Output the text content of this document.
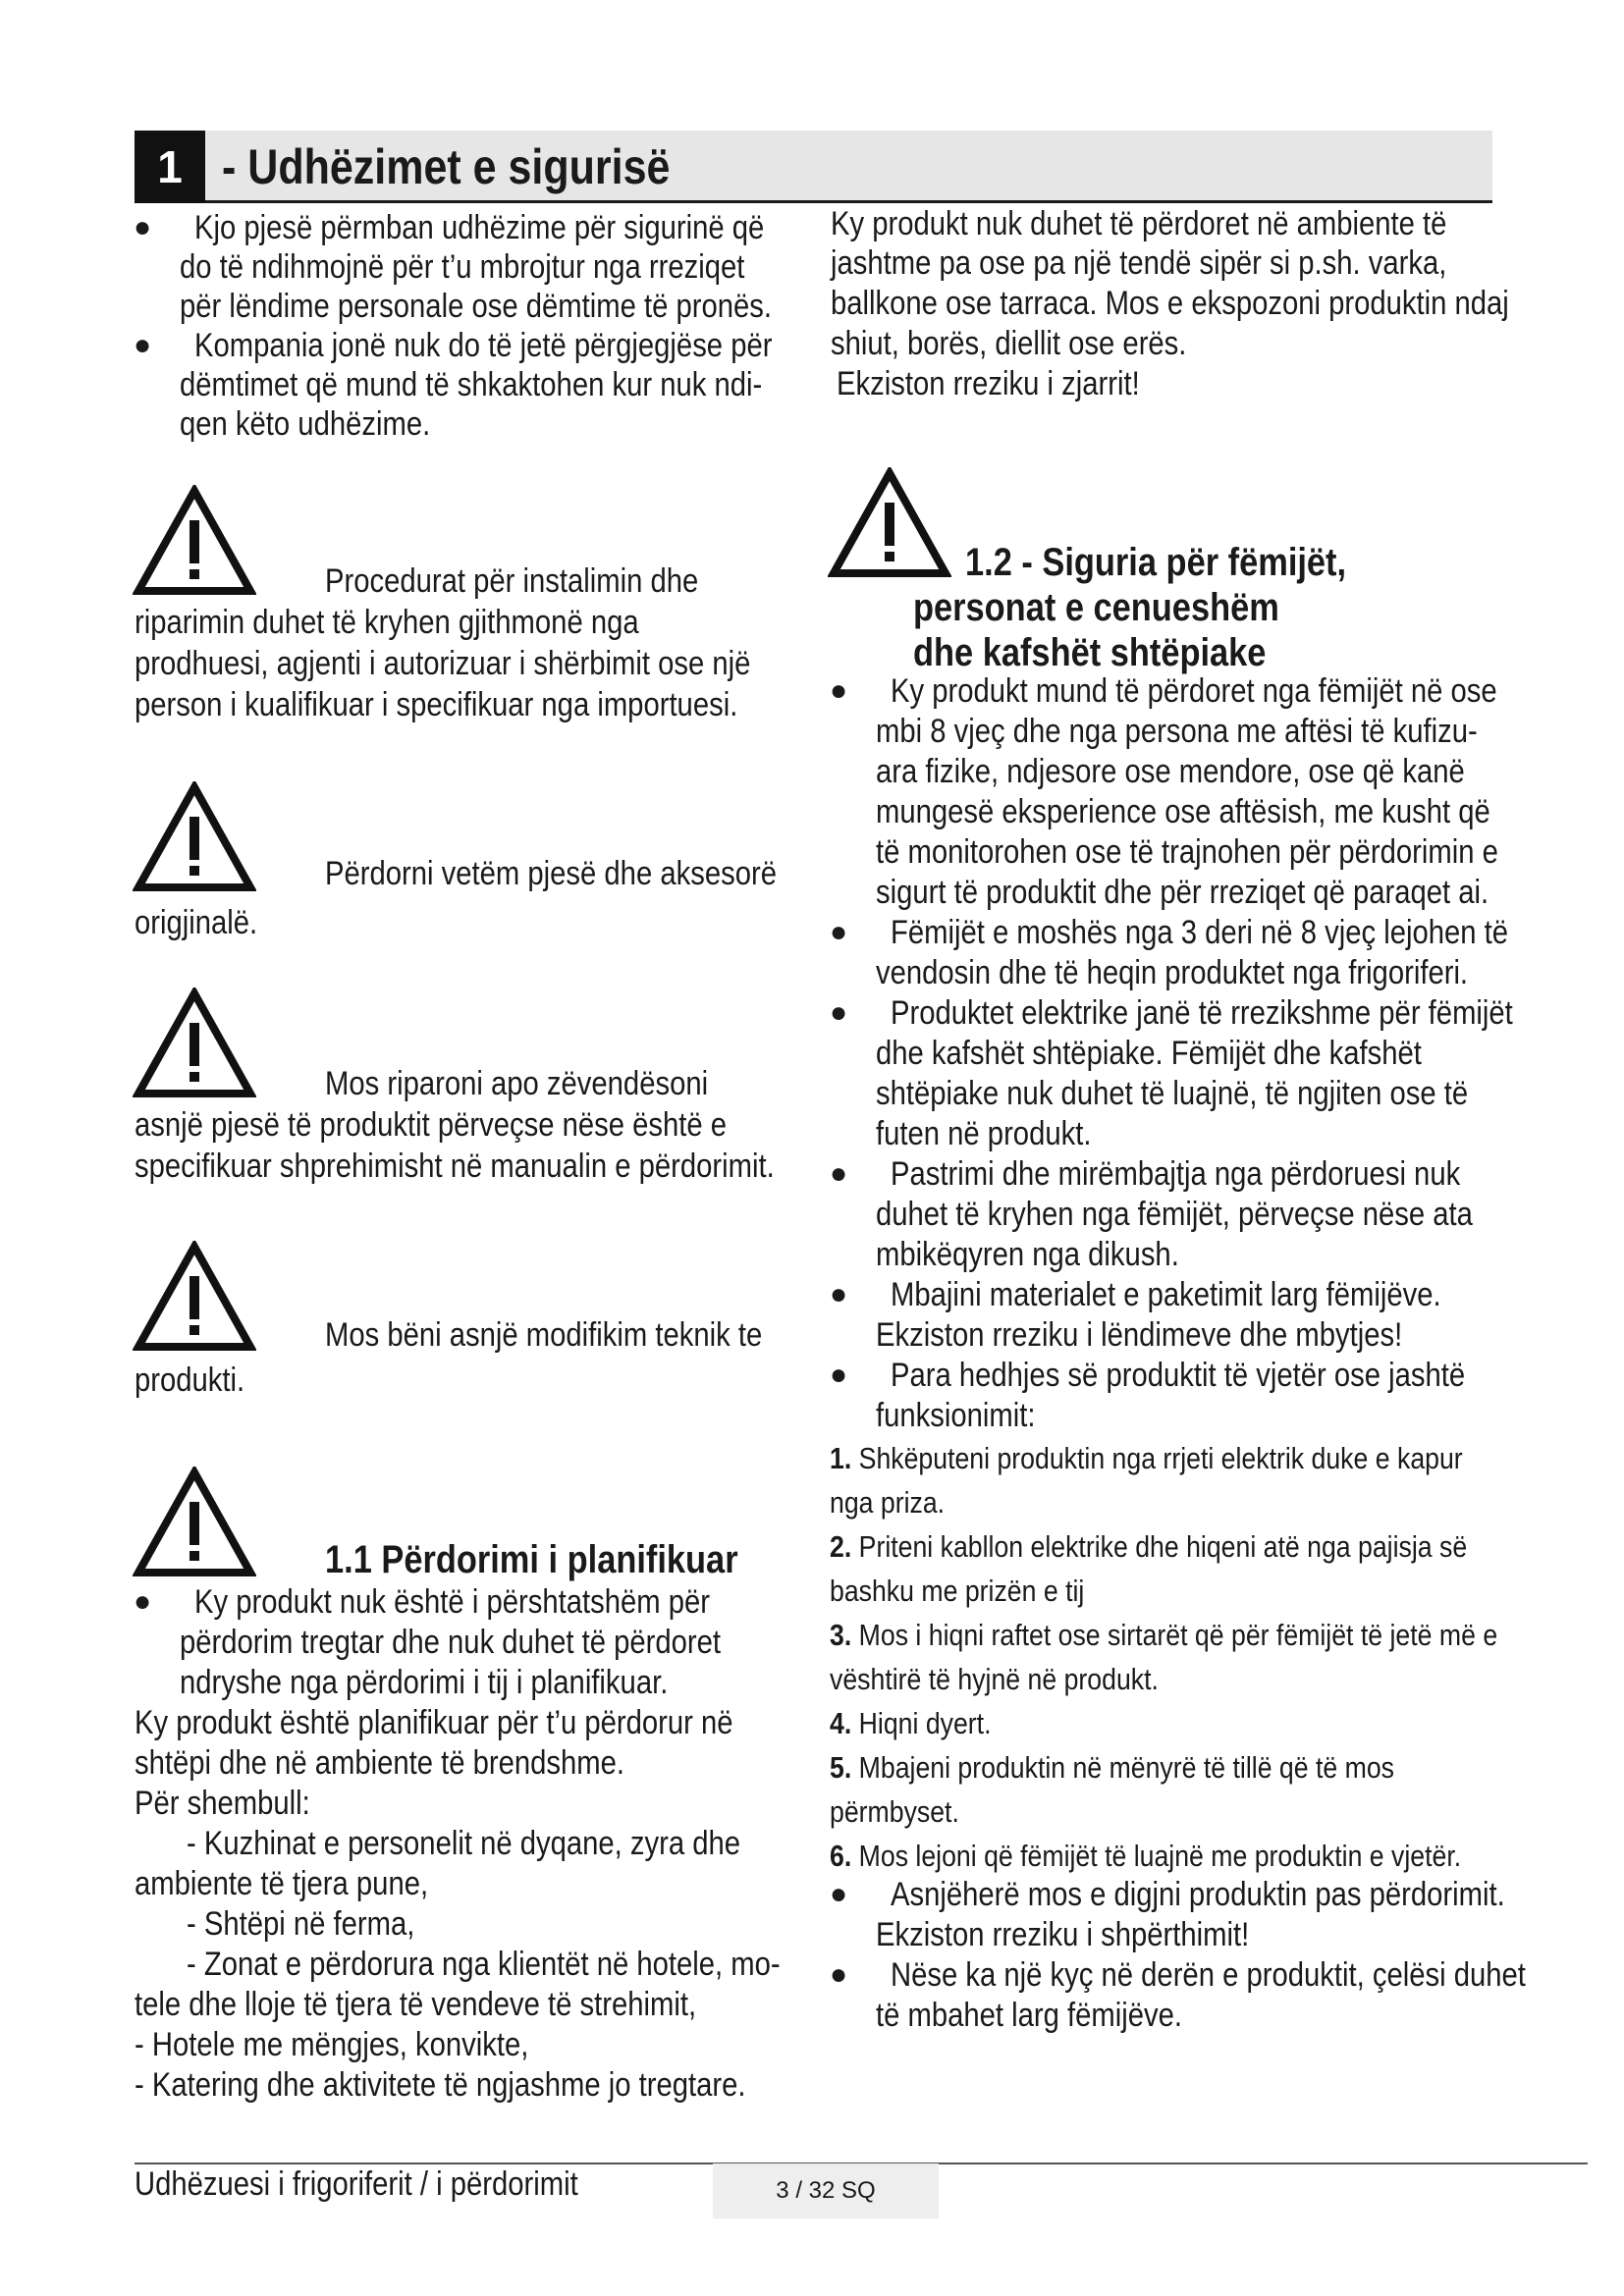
1 - Udhëzimet e sigurisë
● Kjo pjesë përmban udhëzime për sigurinë që
do të ndihmojnë për t’u mbrojtur nga rreziqet
për lëndime personale ose dëmtime të pronës.
● Kompania jonë nuk do të jetë përgjegjëse për
dëmtimet që mund të shkaktohen kur nuk ndi-
qen këto udhëzime.
Procedurat për instalimin dhe
riparimin duhet të kryhen gjithmonë nga
prodhuesi, agjenti i autorizuar i shërbimit ose një
person i kualifikuar i specifikuar nga importuesi.
Përdorni vetëm pjesë dhe aksesorë
origjinalë.
Mos riparoni apo zëvendësoni
asnjë pjesë të produktit përveçse nëse është e
specifikuar shprehimisht në manualin e përdorimit.
Mos bëni asnjë modifikim teknik te
produkti.
1.1 Përdorimi i planifikuar
● Ky produkt nuk është i përshtatshëm për
përdorim tregtar dhe nuk duhet të përdoret
ndryshe nga përdorimi i tij i planifikuar.
Ky produkt është planifikuar për t’u përdorur në
shtëpi dhe në ambiente të brendshme.
Për shembull:
- Kuzhinat e personelit në dyqane, zyra dhe
ambiente të tjera pune,
- Shtëpi në ferma,
- Zonat e përdorura nga klientët në hotele, mo-
tele dhe lloje të tjera të vendeve të strehimit,
- Hotele me mëngjes, konvikte,
- Katering dhe aktivitete të ngjashme jo tregtare.
Ky produkt nuk duhet të përdoret në ambiente të
jashtme pa ose pa një tendë sipër si p.sh. varka,
ballkone ose tarraca. Mos e ekspozoni produktin ndaj
shiut, borës, diellit ose erës.
Ekziston rreziku i zjarrit!
1.2 - Siguria për fëmijët,
personat e cenueshëm
dhe kafshët shtëpiake
● Ky produkt mund të përdoret nga fëmijët në ose
mbi 8 vjeç dhe nga persona me aftësi të kufizu-
ara fizike, ndjesore ose mendore, ose që kanë
mungesë eksperience ose aftësish, me kusht që
të monitorohen ose të trajnohen për përdorimin e
sigurt të produktit dhe për rreziqet që paraqet ai.
● Fëmijët e moshës nga 3 deri në 8 vjeç lejohen të
vendosin dhe të heqin produktet nga frigoriferi.
● Produktet elektrike janë të rrezikshme për fëmijët
dhe kafshët shtëpiake. Fëmijët dhe kafshët
shtëpiake nuk duhet të luajnë, të ngjiten ose të
futen në produkt.
● Pastrimi dhe mirëmbajtja nga përdoruesi nuk
duhet të kryhen nga fëmijët, përveçse nëse ata
mbikëqyren nga dikush.
● Mbajini materialet e paketimit larg fëmijëve.
Ekziston rreziku i lëndimeve dhe mbytjes!
● Para hedhjes së produktit të vjetër ose jashtë
funksionimit:
1. Shkëputeni produktin nga rrjeti elektrik duke e kapur
nga priza.
2. Priteni kabllon elektrike dhe hiqeni atë nga pajisja së
bashku me prizën e tij
3. Mos i hiqni raftet ose sirtarët që për fëmijët të jetë më e
vështirë të hyjnë në produkt.
4. Hiqni dyert.
5. Mbajeni produktin në mënyrë të tillë që të mos
përmbyset.
6. Mos lejoni që fëmijët të luajnë me produktin e vjetër.
● Asnjëherë mos e digjni produktin pas përdorimit.
Ekziston rreziku i shpërthimit!
● Nëse ka një kyç në derën e produktit, çelësi duhet
të mbahet larg fëmijëve.
Udhëzuesi i frigoriferit / i përdorimit	3 / 32 SQ
